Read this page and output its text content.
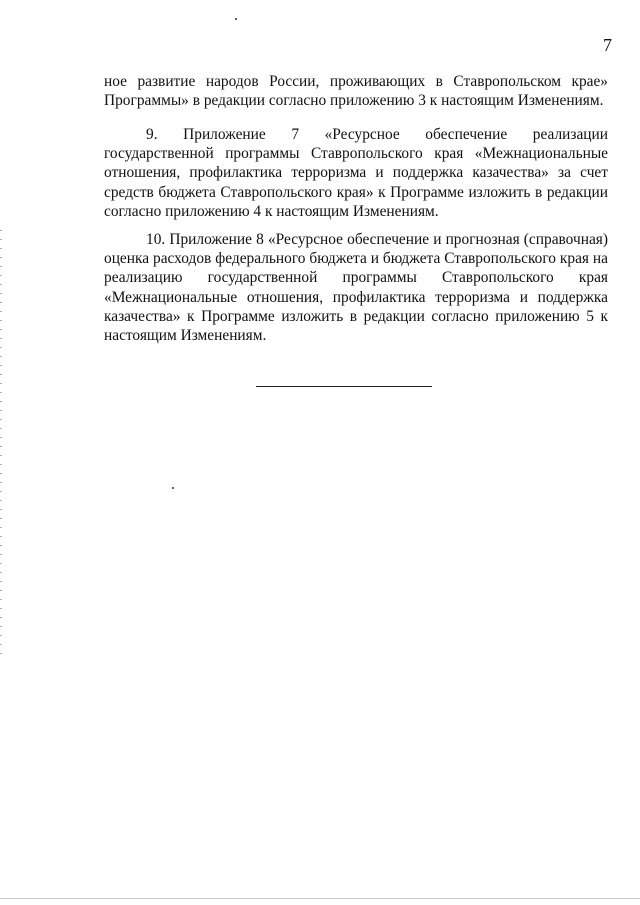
7

ное развитие народов России, проживающих в Ставропольском крае» Программы» в редакции согласно приложению 3 к настоящим Изменениям.

9. Приложение 7 «Ресурсное обеспечение реализации государственной программы Ставропольского края «Межнациональные отношения, профилактика терроризма и поддержка казачества» за счет средств бюджета Ставропольского края» к Программе изложить в редакции согласно приложению 4 к настоящим Изменениям.

10. Приложение 8 «Ресурсное обеспечение и прогнозная (справочная) оценка расходов федерального бюджета и бюджета Ставропольского края на реализацию государственной программы Ставропольского края «Межнациональные отношения, профилактика терроризма и поддержка казачества» к Программе изложить в редакции согласно приложению 5 к настоящим Изменениям.
